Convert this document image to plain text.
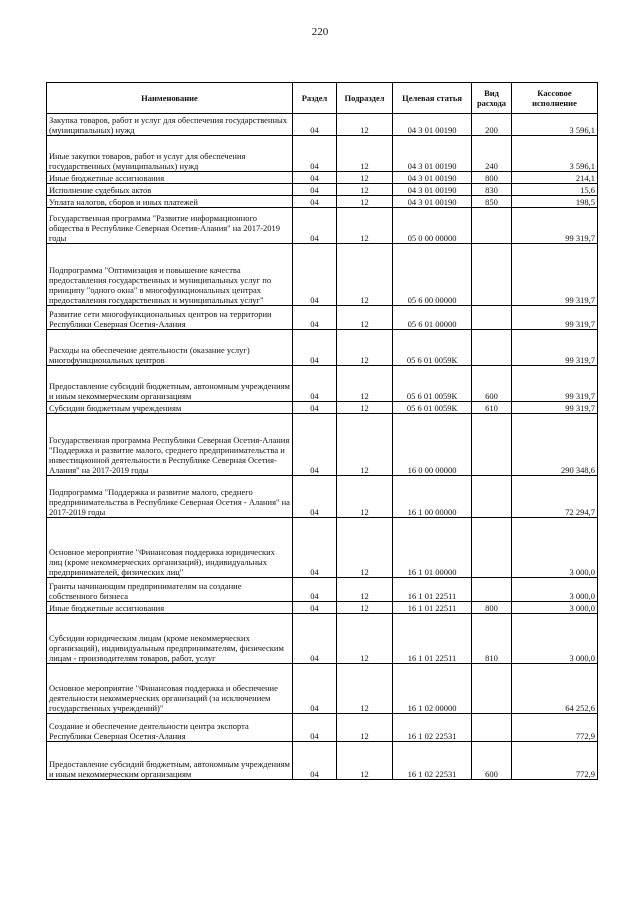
220
Наименование	Раздел	Подраздел	Целевая статья	Вид расхода	Кассовое исполнение
Закупка товаров, работ и услуг для обеспечения государственных (муниципальных) нужд	04	12	04 3 01 00190	200	3 596,1
Иные закупки товаров, работ и услуг для обеспечения государственных (муниципальных) нужд	04	12	04 3 01 00190	240	3 596,1
Иные бюджетные ассигнования	04	12	04 3 01 00190	800	214,1
Исполнение судебных актов	04	12	04 3 01 00190	830	15,6
Уплата налогов, сборов и иных платежей	04	12	04 3 01 00190	850	198,5
Государственная программа "Развитие информационного общества в Республике Северная Осетия-Алания" на 2017-2019 годы	04	12	05 0 00 00000		99 319,7
Подпрограмма "Оптимизация и повышение качества предоставления государственных и муниципальных услуг по принципу "одного окна" в многофункциональных центрах предоставления государственных и муниципальных услуг"	04	12	05 6 00 00000		99 319,7
Развитие сети многофункциональных центров на территории Республики Северная Осетия-Алания	04	12	05 6 01 00000		99 319,7
Расходы на обеспечение деятельности (оказание услуг) многофункциональных центров	04	12	05 6 01 0059К		99 319,7
Предоставление субсидий бюджетным, автономным учреждениям и иным некоммерческим организациям	04	12	05 6 01 0059К	600	99 319,7
Субсидии бюджетным учреждениям	04	12	05 6 01 0059К	610	99 319,7
Государственная программа Республики Северная Осетия-Алания "Поддержка и развитие малого, среднего предпринимательства и инвестиционной деятельности в Республике Северная Осетия-Алания" на 2017-2019 годы	04	12	16 0 00 00000		290 348,6
Подпрограмма "Поддержка и развитие малого, среднего предпринимательства в Республике Северная Осетия - Алания" на 2017-2019 годы	04	12	16 1 00 00000		72 294,7
Основное мероприятие "Финансовая поддержка юридических лиц (кроме некоммерческих организаций), индивидуальных предпринимателей, физических лиц"	04	12	16 1 01 00000		3 000,0
Гранты начинающим предпринимателям на создание собственного бизнеса	04	12	16 1 01 22511		3 000,0
Иные бюджетные ассигнования	04	12	16 1 01 22511	800	3 000,0
Субсидии юридическим лицам (кроме некоммерческих организаций), индивидуальным предпринимателям, физическим лицам - производителям товаров, работ, услуг	04	12	16 1 01 22511	810	3 000,0
Основное мероприятие "Финансовая поддержка и обеспечение деятельности некоммерческих организаций (за исключением государственных учреждений)"	04	12	16 1 02 00000		64 252,6
Создание и обеспечение деятельности центра экспорта Республики Северная Осетия-Алания	04	12	16 1 02 22531		772,9
Предоставление субсидий бюджетным, автономным учреждениям и иным некоммерческим организациям	04	12	16 1 02 22531	600	772,9
